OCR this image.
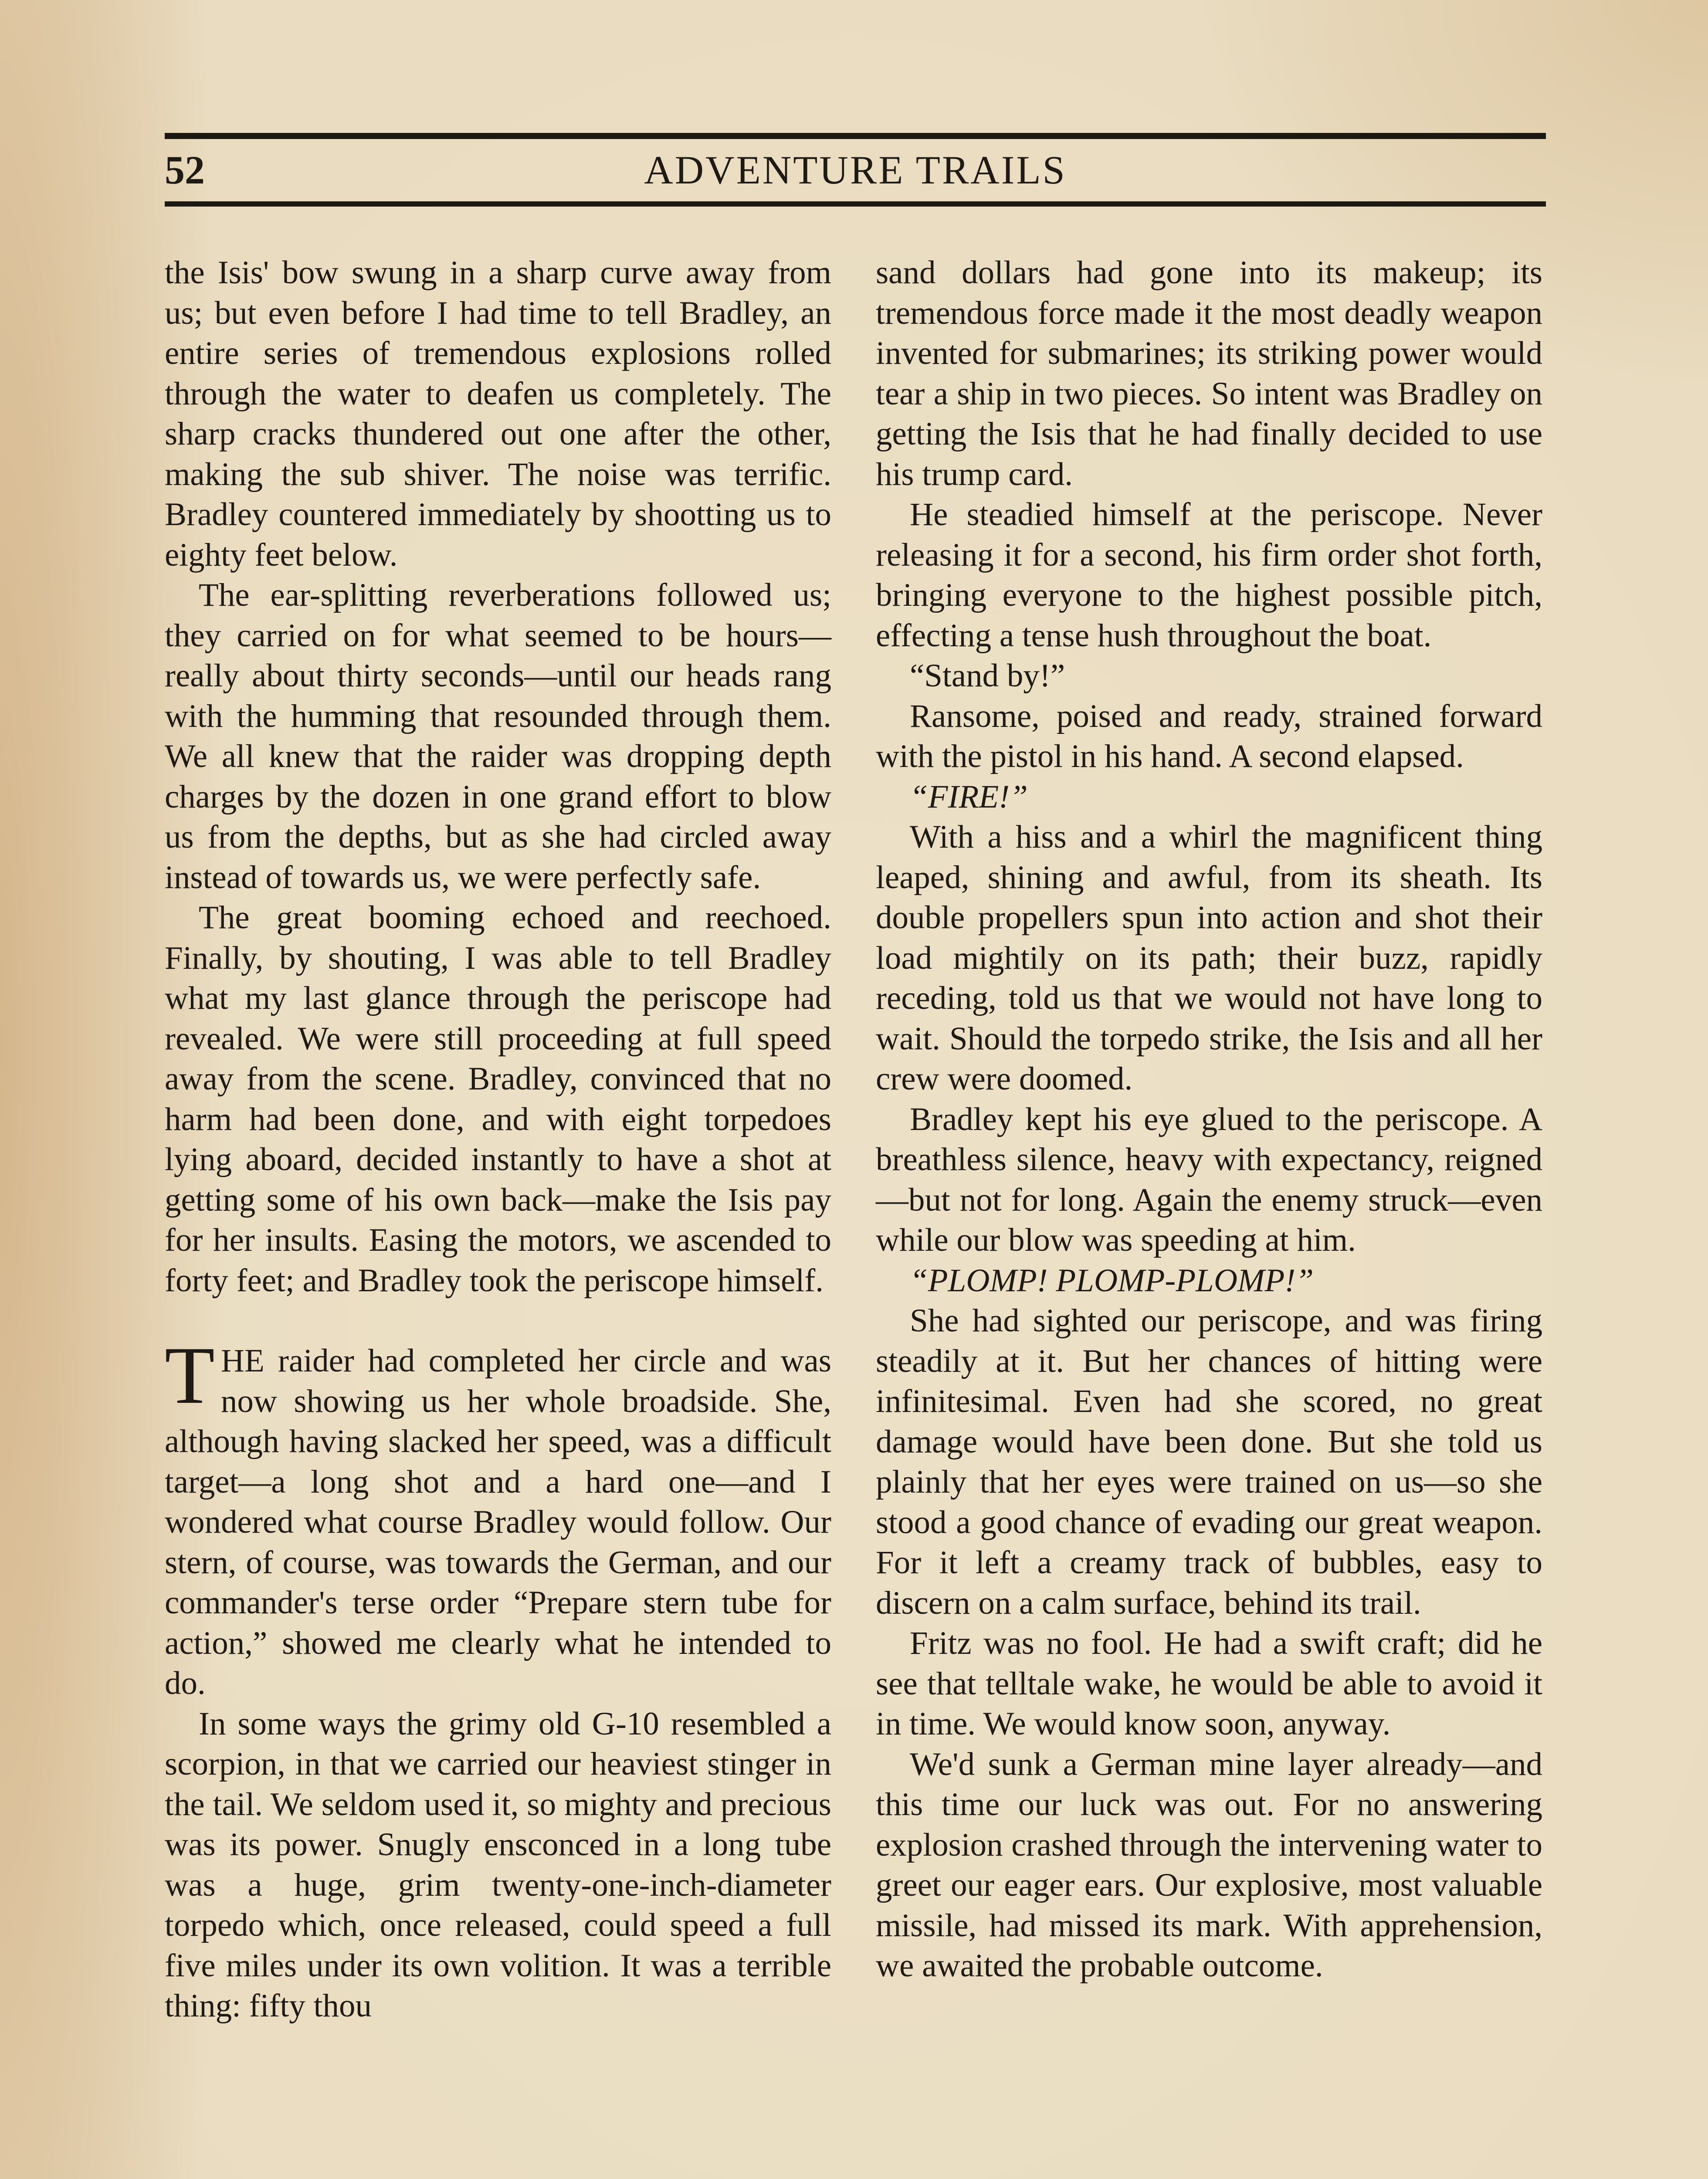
52	ADVENTURE TRAILS

the Isis' bow swung in a sharp curve away from us; but even before I had time to tell Bradley, an entire series of tremendous explosions rolled through the water to deafen us completely. The sharp cracks thundered out one after the other, making the sub shiver. The noise was terrific. Bradley countered immediately by shootting us to eighty feet below.

The ear-splitting reverberations followed us; they carried on for what seemed to be hours—really about thirty seconds—until our heads rang with the humming that resounded through them. We all knew that the raider was dropping depth charges by the dozen in one grand effort to blow us from the depths, but as she had circled away instead of towards us, we were perfectly safe.

The great booming echoed and reechoed. Finally, by shouting, I was able to tell Bradley what my last glance through the periscope had revealed. We were still proceeding at full speed away from the scene. Bradley, convinced that no harm had been done, and with eight torpedoes lying aboard, decided instantly to have a shot at getting some of his own back—make the Isis pay for her insults. Easing the motors, we ascended to forty feet; and Bradley took the periscope himself.

THE raider had completed her circle and was now showing us her whole broadside. She, although having slacked her speed, was a difficult target—a long shot and a hard one—and I wondered what course Bradley would follow. Our stern, of course, was towards the German, and our commander's terse order “Prepare stern tube for action,” showed me clearly what he intended to do.

In some ways the grimy old G-10 resembled a scorpion, in that we carried our heaviest stinger in the tail. We seldom used it, so mighty and precious was its power. Snugly ensconced in a long tube was a huge, grim twenty-one-inch-diameter torpedo which, once released, could speed a full five miles under its own volition. It was a terrible thing: fifty thou

sand dollars had gone into its makeup; its tremendous force made it the most deadly weapon invented for submarines; its striking power would tear a ship in two pieces. So intent was Bradley on getting the Isis that he had finally decided to use his trump card.

He steadied himself at the periscope. Never releasing it for a second, his firm order shot forth, bringing everyone to the highest possible pitch, effecting a tense hush throughout the boat.

“Stand by!”

Ransome, poised and ready, strained forward with the pistol in his hand. A second elapsed.

“FIRE!”

With a hiss and a whirl the magnificent thing leaped, shining and awful, from its sheath. Its double propellers spun into action and shot their load mightily on its path; their buzz, rapidly receding, told us that we would not have long to wait. Should the torpedo strike, the Isis and all her crew were doomed.

Bradley kept his eye glued to the periscope. A breathless silence, heavy with expectancy, reigned—but not for long. Again the enemy struck—even while our blow was speeding at him.

“PLOMP! PLOMP-PLOMP!”

She had sighted our periscope, and was firing steadily at it. But her chances of hitting were infinitesimal. Even had she scored, no great damage would have been done. But she told us plainly that her eyes were trained on us—so she stood a good chance of evading our great weapon. For it left a creamy track of bubbles, easy to discern on a calm surface, behind its trail.

Fritz was no fool. He had a swift craft; did he see that telltale wake, he would be able to avoid it in time. We would know soon, anyway.

We'd sunk a German mine layer already—and this time our luck was out. For no answering explosion crashed through the intervening water to greet our eager ears. Our explosive, most valuable missile, had missed its mark. With apprehension, we awaited the probable outcome.
